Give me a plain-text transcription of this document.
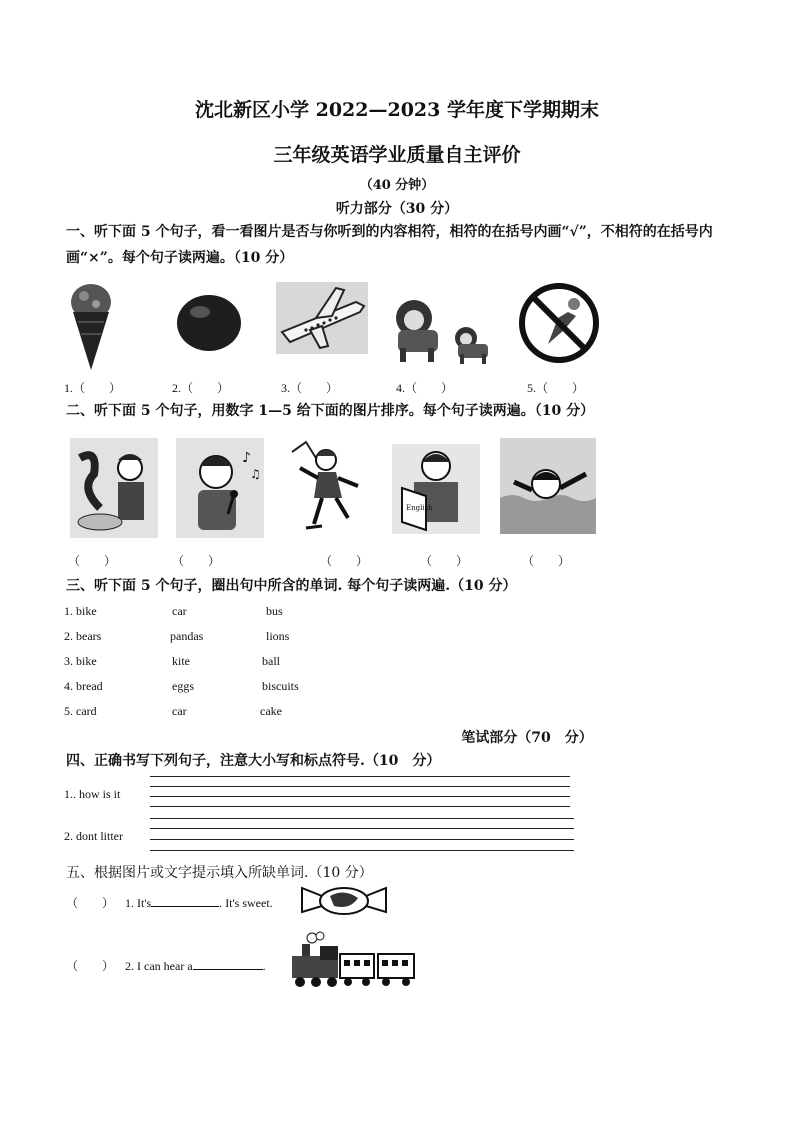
沈北新区小学 2022—2023 学年度下学期期末
三年级英语学业质量自主评价
（40 分钟）
听力部分（30 分）
一、听下面 5 个句子，看一看图片是否与你听到的内容相符，相符的在括号内画“√”，不相符的在括号内画“×”。每个句子读两遍。（10 分）
1.（　　）	2.（　　）	3.（　　）	4.（　　）	5.（　　）
二、听下面 5 个句子，用数字 1—5 给下面的图片排序。每个句子读两遍。（10 分）
♪
♫
English
（　　）	（　　）	（　　）	（　　）	（　　）
三、听下面 5 个句子，圈出句中所含的单词. 每个句子读两遍.（10 分）
1. bike	car	bus
2. bears	pandas	lions
3. bike	kite	ball
4. bread	eggs	biscuits
5. card	car	cake
笔试部分（70　分）
四、正确书写下列句子，注意大小写和标点符号.（10　分）
1.. how is it
2. dont litter
五、根据图片或文字提示填入所缺单词.（10 分）
（　　） 1. It's	. It's sweet.
（　　） 2. I can hear a	.
